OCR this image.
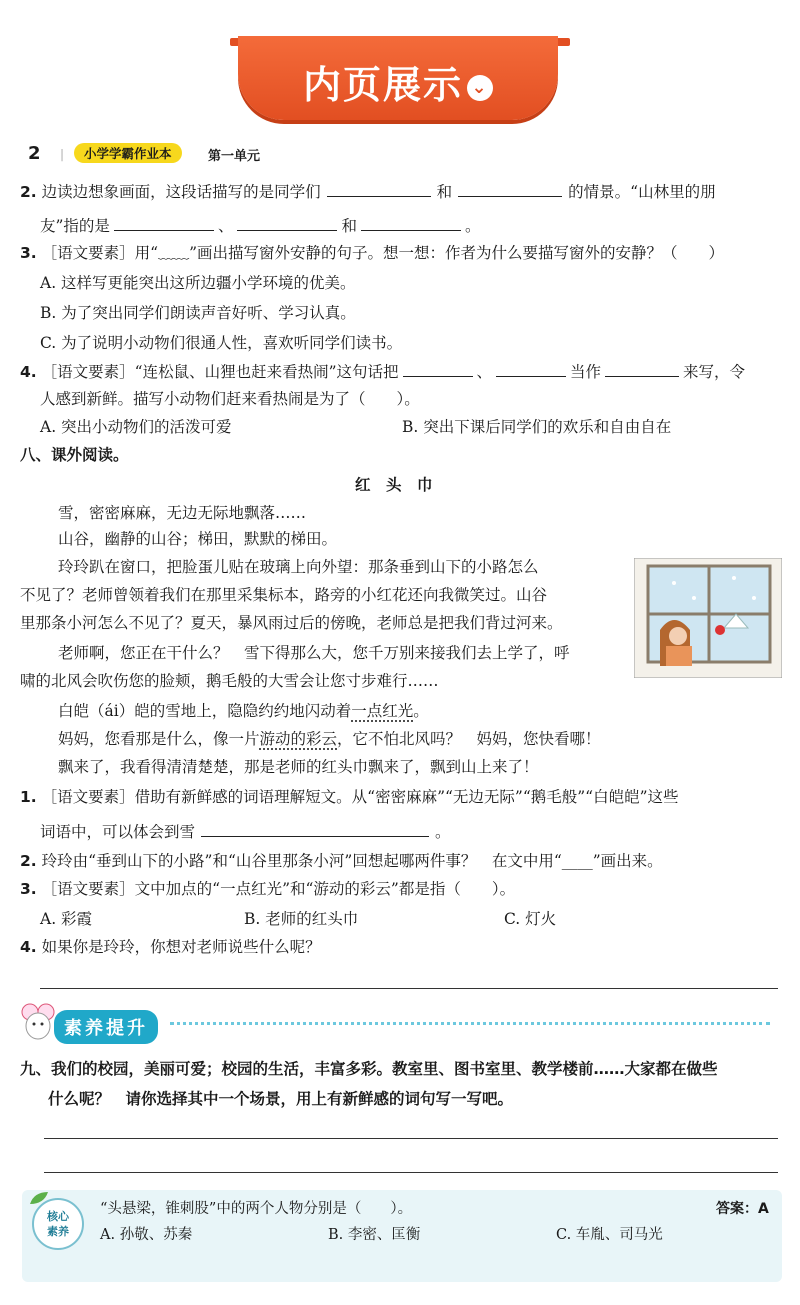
内页展示 ⌄
2 |	小学学霸作业本	第一单元
2. 边读边想象画面，这段话描写的是同学们	和	的情景。“山林里的朋
友”指的是	、	和	。
3. ［语文要素］用“﹏﹏”画出描写窗外安静的句子。想一想：作者为什么要描写窗外的安静？（　　）
A. 这样写更能突出这所边疆小学环境的优美。
B. 为了突出同学们朗读声音好听、学习认真。
C. 为了说明小动物们很通人性，喜欢听同学们读书。
4. ［语文要素］“连松鼠、山狸也赶来看热闹”这句话把	、	当作	来写，令
人感到新鲜。描写小动物们赶来看热闹是为了（　　）。
A. 突出小动物们的活泼可爱	B. 突出下课后同学们的欢乐和自由自在
八、课外阅读。
红　头　巾
雪，密密麻麻，无边无际地飘落……
山谷，幽静的山谷；梯田，默默的梯田。
玲玲趴在窗口，把脸蛋儿贴在玻璃上向外望：那条垂到山下的小路怎么
不见了？老师曾领着我们在那里采集标本，路旁的小红花还向我微笑过。山谷
里那条小河怎么不见了？夏天，暴风雨过后的傍晚，老师总是把我们背过河来。
老师啊，您正在干什么？　雪下得那么大，您千万别来接我们去上学了，呼
啸的北风会吹伤您的脸颊，鹅毛般的大雪会让您寸步难行……
白皑（ái）皑的雪地上，隐隐约约地闪动着一点红光。
妈妈，您看那是什么，像一片游动的彩云，它不怕北风吗？　妈妈，您快看哪！
飘来了，我看得清清楚楚，那是老师的红头巾飘来了，飘到山上来了！
1. ［语文要素］借助有新鲜感的词语理解短文。从“密密麻麻”“无边无际”“鹅毛般”“白皑皑”这些
词语中，可以体会到雪	。
2. 玲玲由“垂到山下的小路”和“山谷里那条小河”回想起哪两件事？　在文中用“____”画出来。
3. ［语文要素］文中加点的“一点红光”和“游动的彩云”都是指（　　）。
A. 彩霞	B. 老师的红头巾	C. 灯火
4. 如果你是玲玲，你想对老师说些什么呢？
素养提升
九、我们的校园，美丽可爱；校园的生活，丰富多彩。教室里、图书室里、教学楼前……大家都在做些
什么呢？　请你选择其中一个场景，用上有新鲜感的词句写一写吧。
核心
素养
“头悬梁，锥刺股”中的两个人物分别是（　　）。	答案：A
A. 孙敬、苏秦	B. 李密、匡衡	C. 车胤、司马光
